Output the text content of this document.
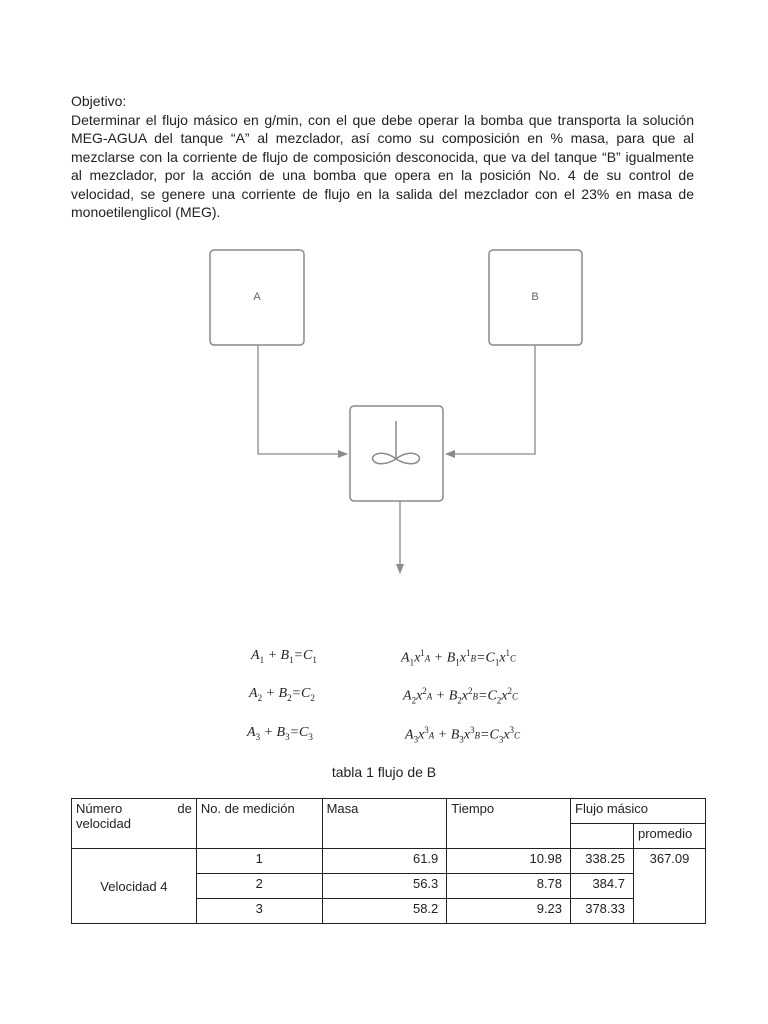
Objetivo:

Determinar el flujo másico en g/min, con el que debe operar la bomba que transporta la solución MEG-AGUA del tanque “A” al mezclador, así como su composición en % masa, para que al mezclarse con la corriente de flujo de composición desconocida, que va del tanque “B” igualmente al mezclador, por la acción de una bomba que opera en la posición No. 4 de su control de velocidad, se genere una corriente de flujo en la salida del mezclador con el 23% en masa de monoetilenglicol (MEG).

A	B
$A_1 + B_1=C_1$
$A_2 + B_2=C_2$
$A_3 + B_3=C_3$
$A_1x^1A + B_1x^1B=C_1x^1C$
$A_2x^2A + B_2x^2B=C_2x^2C$
$A_3x^3A + B_3x^3B=C_3x^3C$
tabla 1 flujo de B
Número de
velocidad	No. de medición	Masa	Tiempo	Flujo másico	
					promedio
Velocidad 4	1	61.9	10.98	338.25	367.09
	2	56.3	8.78	384.7	
	3	58.2	9.23	378.33	
